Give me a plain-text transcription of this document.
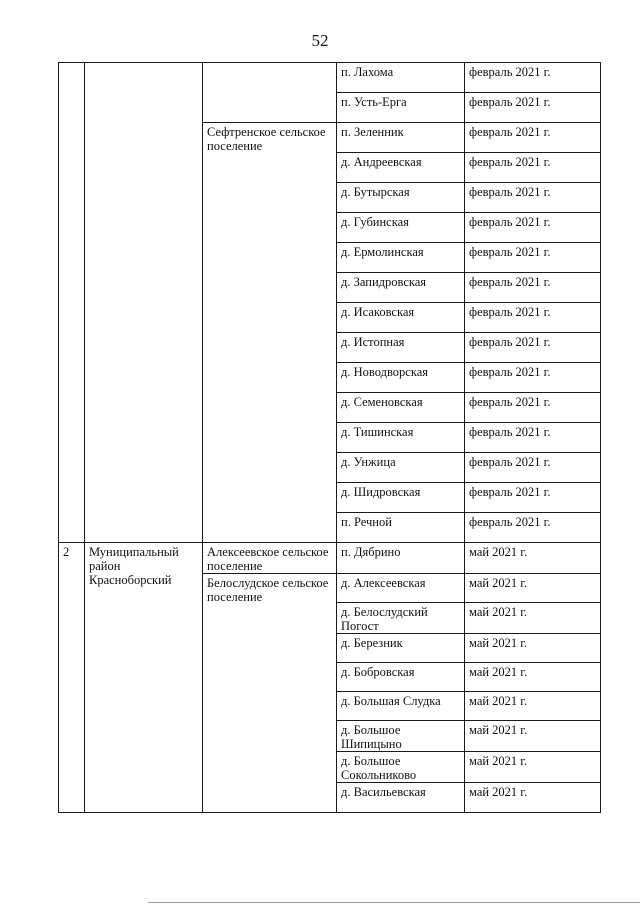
52
			п. Лахома	февраль 2021 г.
			п. Усть-Ерга	февраль 2021 г.
		Сефтренское сельское поселение	п. Зеленник	февраль 2021 г.
			д. Андреевская	февраль 2021 г.
			д. Бутырская	февраль 2021 г.
			д. Губинская	февраль 2021 г.
			д. Ермолинская	февраль 2021 г.
			д. Запидровская	февраль 2021 г.
			д. Исаковская	февраль 2021 г.
			д. Истопная	февраль 2021 г.
			д. Новодворская	февраль 2021 г.
			д. Семеновская	февраль 2021 г.
			д. Тишинская	февраль 2021 г.
			д. Унжица	февраль 2021 г.
			д. Шидровская	февраль 2021 г.
			п. Речной	февраль 2021 г.
2	Муниципальный район Красноборский	Алексеевское сельское поселение	п. Дябрино	май 2021 г.
		Белослудское сельское поселение	д. Алексеевская	май 2021 г.
			д. Белослудский Погост	май 2021 г.
			д. Березник	май 2021 г.
			д. Бобровская	май 2021 г.
			д. Большая Слудка	май 2021 г.
			д. Большое Шипицыно	май 2021 г.
			д. Большое Сокольниково	май 2021 г.
			д. Васильевская	май 2021 г.
